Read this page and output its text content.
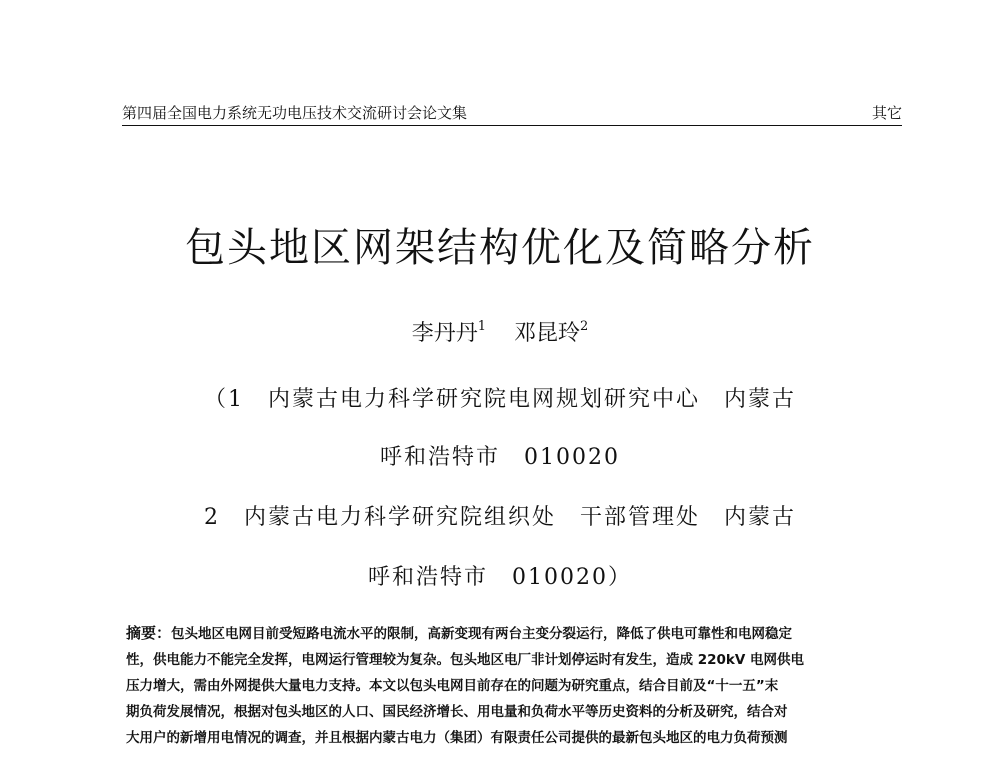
第四届全国电力系统无功电压技术交流研讨会论文集	其它
包头地区网架结构优化及简略分析
李丹丹$^1$ 邓昆玲$^2$
（1 内蒙古电力科学研究院电网规划研究中心 内蒙古
呼和浩特市 010020
2 内蒙古电力科学研究院组织处 干部管理处 内蒙古
呼和浩特市 010020）
摘要：包头地区电网目前受短路电流水平的限制，高新变现有两台主变分裂运行，降低了供电可靠性和电网稳定
性，供电能力不能完全发挥，电网运行管理较为复杂。包头地区电厂非计划停运时有发生，造成 220kV 电网供电
压力增大，需由外网提供大量电力支持。本文以包头电网目前存在的问题为研究重点，结合目前及“十一五”末
期负荷发展情况，根据对包头地区的人口、国民经济增长、用电量和负荷水平等历史资料的分析及研究，结合对
大用户的新增用电情况的调查，并且根据内蒙古电力（集团）有限责任公司提供的最新包头地区的电力负荷预测
